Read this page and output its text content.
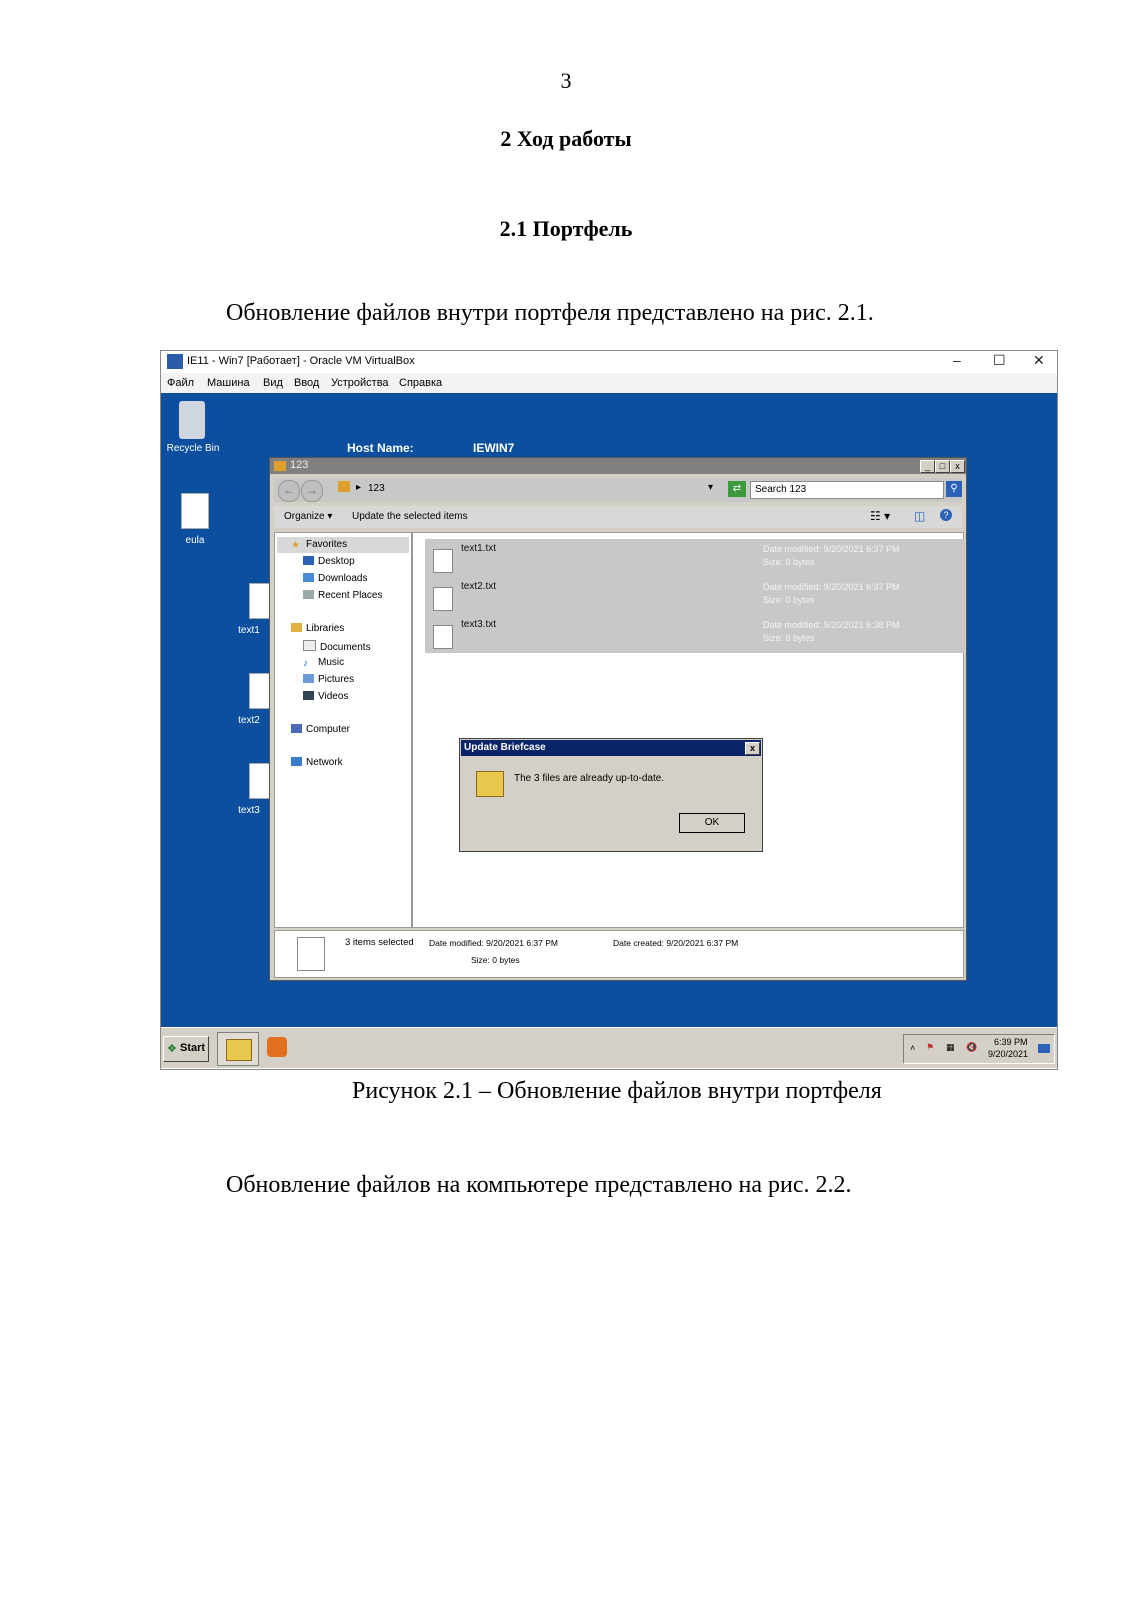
3
2 Ход работы
2.1 Портфель
Обновление файлов внутри портфеля представлено на рис. 2.1.
IE11 - Win7 [Работает] - Oracle VM VirtualBox	– ☐ ✕
Файл Машина Вид Ввод Устройства Справка
Recycle Bin
eula
text1
text2
text3
Host Name:	IEWIN7
123	_	□	x
← →	▸ 123	▾	⇄	Search 123	⚲
Organize ▾ Update the selected items	☷ ▾ ◫	?
★ Favorites
Desktop
Downloads
Recent Places
Libraries
Documents
♪ Music
Pictures
Videos
Computer
Network
text1.txt	Date modified: 9/20/2021 6:37 PM
Size: 0 bytes
text2.txt	Date modified: 9/20/2021 6:37 PM
Size: 0 bytes
text3.txt	Date modified: 9/20/2021 6:38 PM
Size: 0 bytes
3 items selected Date modified: 9/20/2021 6:37 PM	Date created: 9/20/2021 6:37 PM
Size: 0 bytes
Update Briefcase	x
The 3 files are already up-to-date.
OK
❖ Start	˄ ⚑ ▦ 🔇 6:39 PM
9/20/2021
Рисунок 2.1 – Обновление файлов внутри портфеля
Обновление файлов на компьютере представлено на рис. 2.2.
